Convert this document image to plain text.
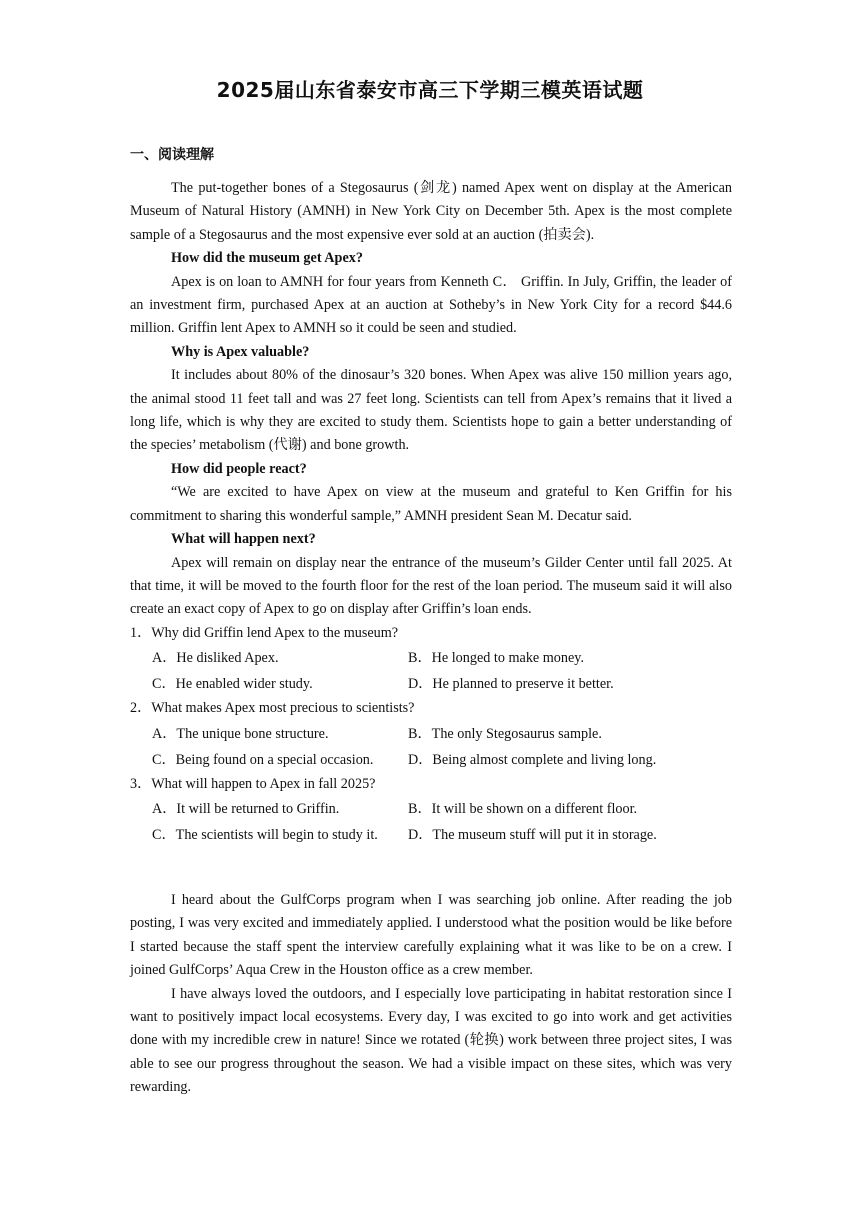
2025届山东省泰安市高三下学期三模英语试题
一、阅读理解

The put-together bones of a Stegosaurus (剑龙) named Apex went on display at the American Museum of Natural History (AMNH) in New York City on December 5th. Apex is the most complete sample of a Stegosaurus and the most expensive ever sold at an auction (拍卖会).

How did the museum get Apex?

Apex is on loan to AMNH for four years from Kenneth C． Griffin. In July, Griffin, the leader of an investment firm, purchased Apex at an auction at Sotheby’s in New York City for a record $44.6 million. Griffin lent Apex to AMNH so it could be seen and studied.

Why is Apex valuable?

It includes about 80% of the dinosaur’s 320 bones. When Apex was alive 150 million years ago, the animal stood 11 feet tall and was 27 feet long. Scientists can tell from Apex’s remains that it lived a long life, which is why they are excited to study them. Scientists hope to gain a better understanding of the species’ metabolism (代谢) and bone growth.

How did people react?

“We are excited to have Apex on view at the museum and grateful to Ken Griffin for his commitment to sharing this wonderful sample,” AMNH president Sean M. Decatur said.

What will happen next?

Apex will remain on display near the entrance of the museum’s Gilder Center until fall 2025. At that time, it will be moved to the fourth floor for the rest of the loan period. The museum said it will also create an exact copy of Apex to go on display after Griffin’s loan ends.

1．Why did Griffin lend Apex to the museum?

A．He disliked Apex.	B．He longed to make money.
C．He enabled wider study.	D．He planned to preserve it better.

2．What makes Apex most precious to scientists?

A．The unique bone structure.	B．The only Stegosaurus sample.
C．Being found on a special occasion.	D．Being almost complete and living long.

3．What will happen to Apex in fall 2025?

A．It will be returned to Griffin.	B．It will be shown on a different floor.
C．The scientists will begin to study it.	D．The museum stuff will put it in storage.

I heard about the GulfCorps program when I was searching job online. After reading the job posting, I was very excited and immediately applied. I understood what the position would be like before I started because the staff spent the interview carefully explaining what it was like to be on a crew. I joined GulfCorps’ Aqua Crew in the Houston office as a crew member.

I have always loved the outdoors, and I especially love participating in habitat restoration since I want to positively impact local ecosystems. Every day, I was excited to go into work and get activities done with my incredible crew in nature! Since we rotated (轮换) work between three project sites, I was able to see our progress throughout the season. We had a visible impact on these sites, which was very rewarding.
